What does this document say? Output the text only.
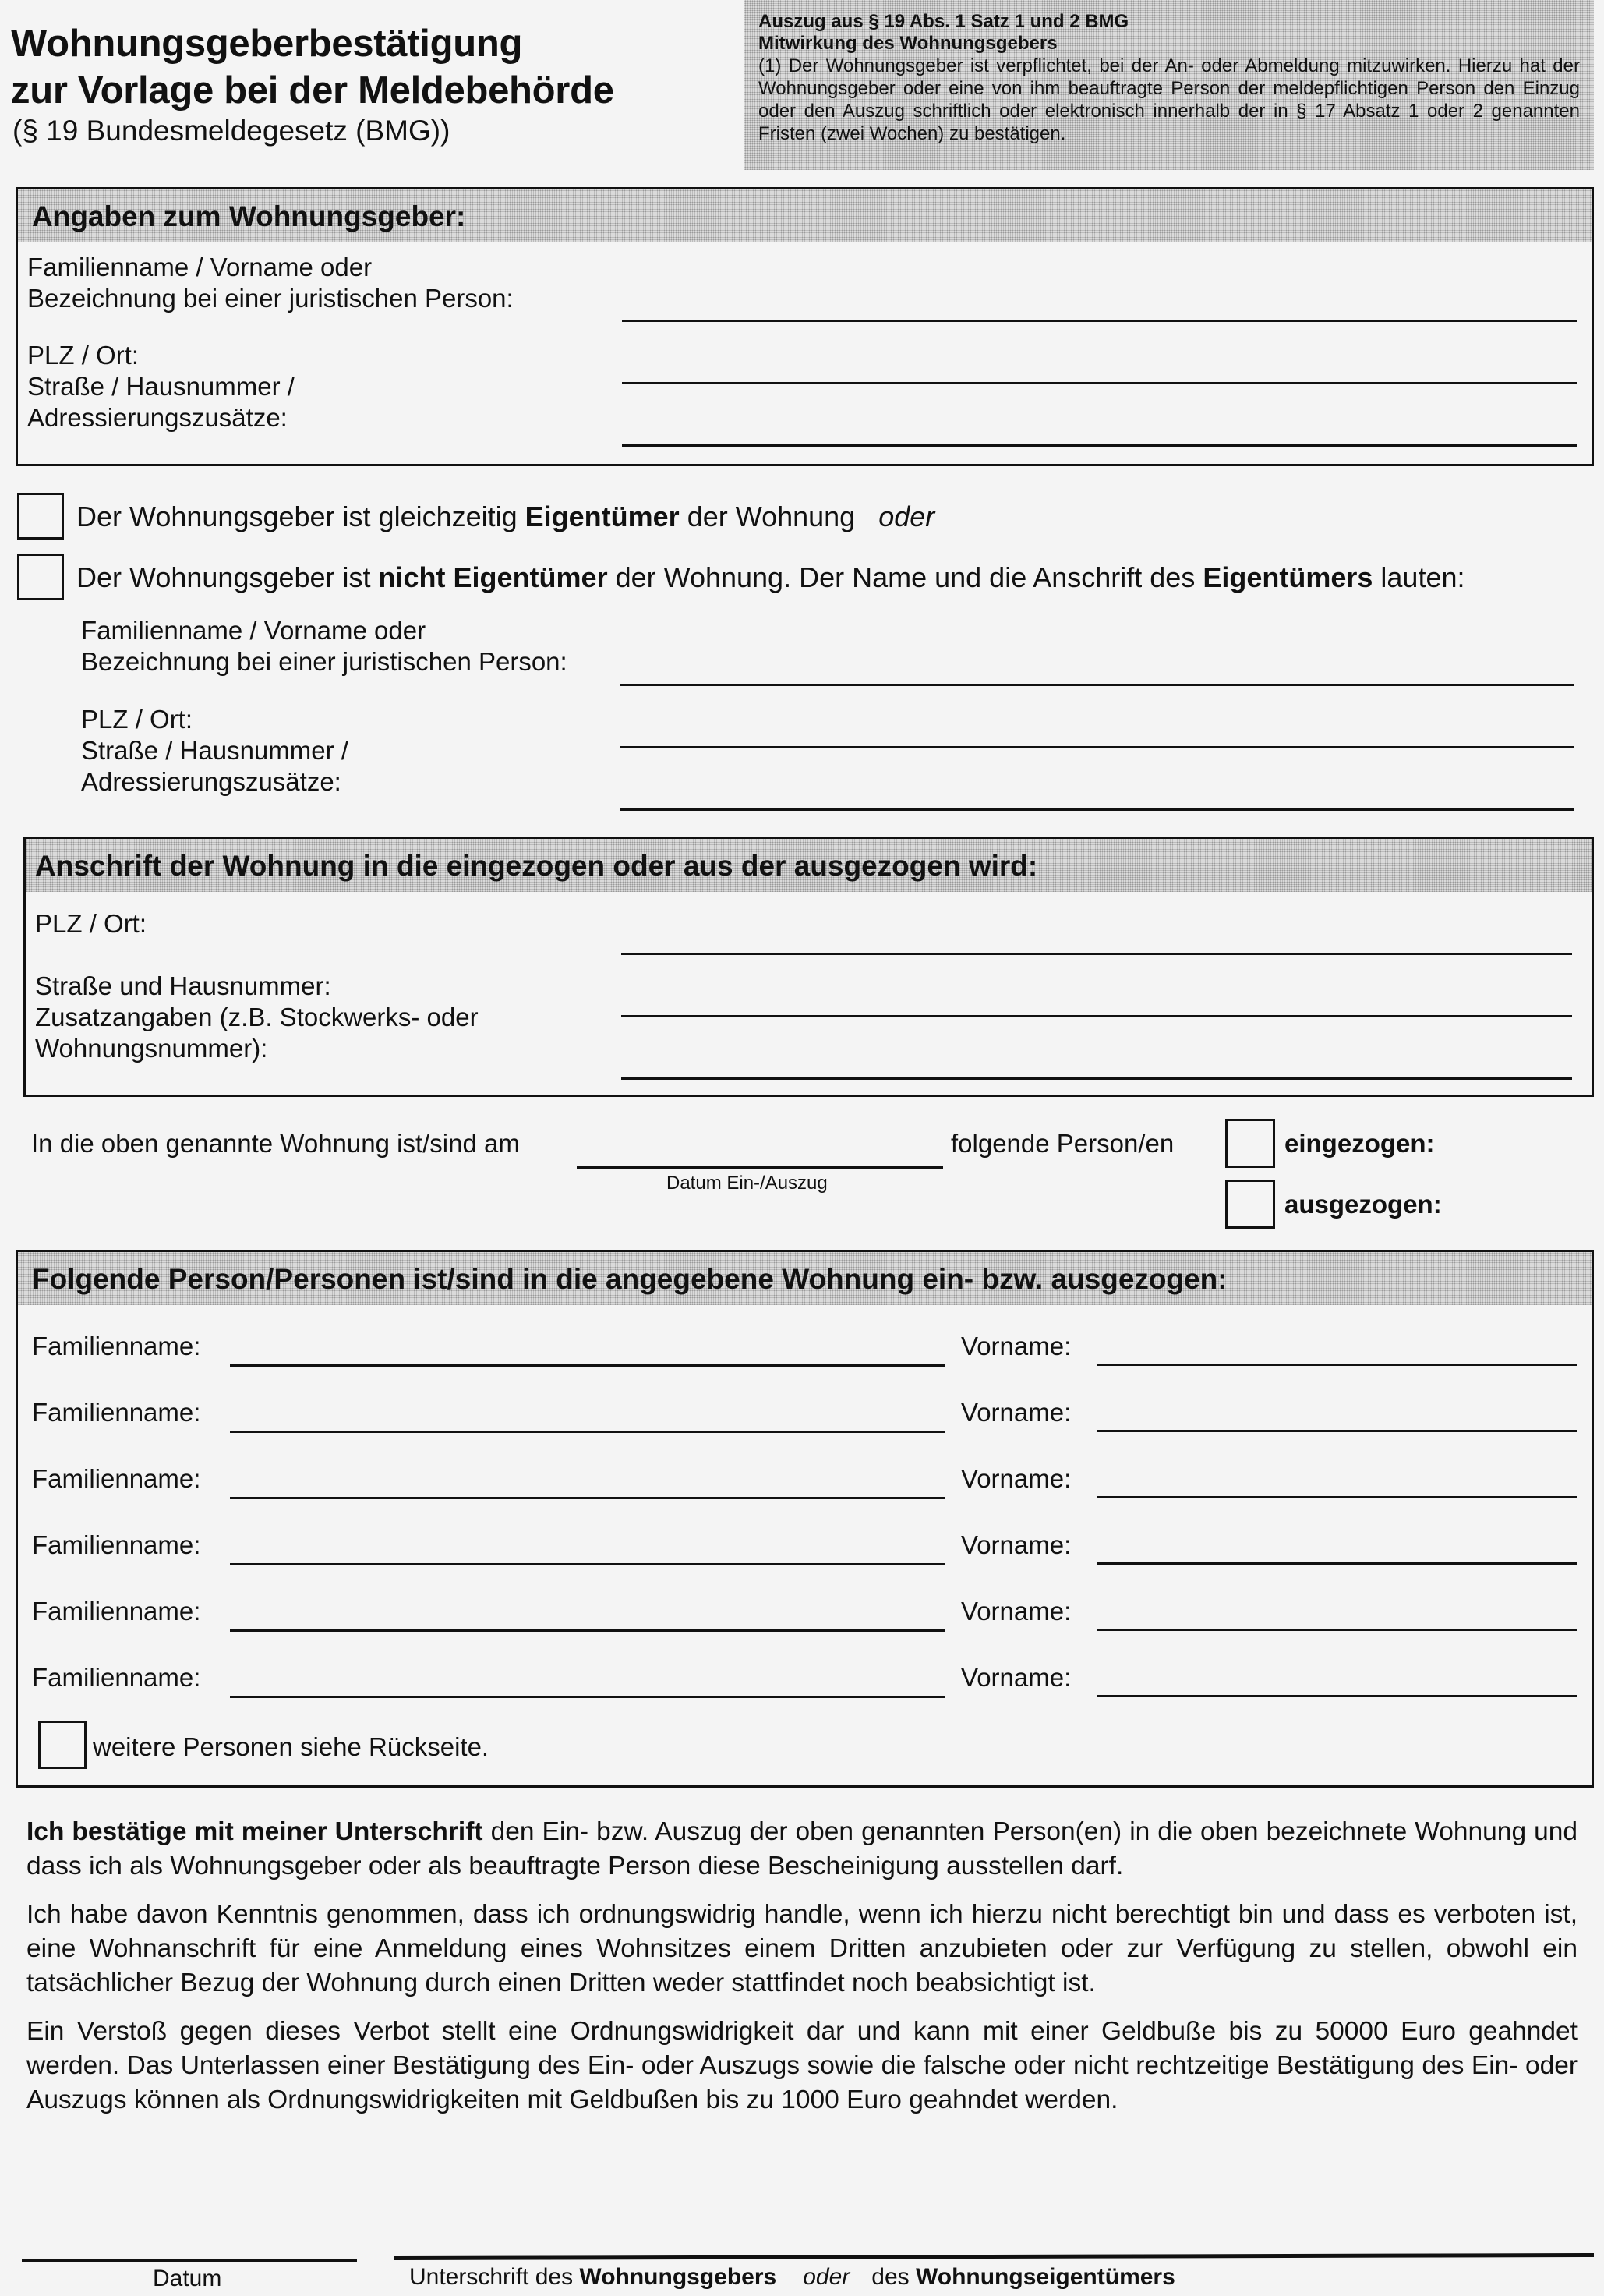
Wohnungsgeberbestätigung
zur Vorlage bei der Meldebehörde
(§ 19 Bundesmeldegesetz (BMG))
Auszug aus § 19 Abs. 1 Satz 1 und 2 BMG
Mitwirkung des Wohnungsgebers
(1) Der Wohnungsgeber ist verpflichtet, bei der An- oder Abmeldung mitzuwirken. Hierzu hat der Wohnungsgeber oder eine von ihm beauftragte Person der meldepflichtigen Person den Einzug oder den Auszug schriftlich oder elektronisch innerhalb der in § 17 Absatz 1 oder 2 genannten Fristen (zwei Wochen) zu bestätigen.
Angaben zum Wohnungsgeber:
Familienname / Vorname oder
Bezeichnung bei einer juristischen Person:
PLZ / Ort:
Straße / Hausnummer /
Adressierungszusätze:
Der Wohnungsgeber ist gleichzeitig Eigentümer der Wohnung oder
Der Wohnungsgeber ist nicht Eigentümer der Wohnung. Der Name und die Anschrift des Eigentümers lauten:
Familienname / Vorname oder
Bezeichnung bei einer juristischen Person:
PLZ / Ort:
Straße / Hausnummer /
Adressierungszusätze:
Anschrift der Wohnung in die eingezogen oder aus der ausgezogen wird:
PLZ / Ort:
Straße und Hausnummer:
Zusatzangaben (z.B. Stockwerks- oder
Wohnungsnummer):
In die oben genannte Wohnung ist/sind am
Datum Ein-/Auszug
folgende Person/en	eingezogen:
ausgezogen:
Folgende Person/Personen ist/sind in die angegebene Wohnung ein- bzw. ausgezogen:
Familienname:	Vorname:
Familienname:	Vorname:
Familienname:	Vorname:
Familienname:	Vorname:
Familienname:	Vorname:
Familienname:	Vorname:
weitere Personen siehe Rückseite.
Ich bestätige mit meiner Unterschrift den Ein- bzw. Auszug der oben genannten Person(en) in die oben bezeichnete Wohnung und dass ich als Wohnungsgeber oder als beauftragte Person diese Bescheinigung ausstellen darf.
Ich habe davon Kenntnis genommen, dass ich ordnungswidrig handle, wenn ich hierzu nicht berechtigt bin und dass es verboten ist, eine Wohnanschrift für eine Anmeldung eines Wohnsitzes einem Dritten anzubieten oder zur Verfügung zu stellen, obwohl ein tatsächlicher Bezug der Wohnung durch einen Dritten weder stattfindet noch beabsichtigt ist.
Ein Verstoß gegen dieses Verbot stellt eine Ordnungswidrigkeit dar und kann mit einer Geldbuße bis zu 50000 Euro geahndet werden. Das Unterlassen einer Bestätigung des Ein- oder Auszugs sowie die falsche oder nicht rechtzeitige Bestätigung des Ein- oder Auszugs können als Ordnungswidrigkeiten mit Geldbußen bis zu 1000 Euro geahndet werden.
Datum	Unterschrift des Wohnungsgebers oder des Wohnungseigentümers
